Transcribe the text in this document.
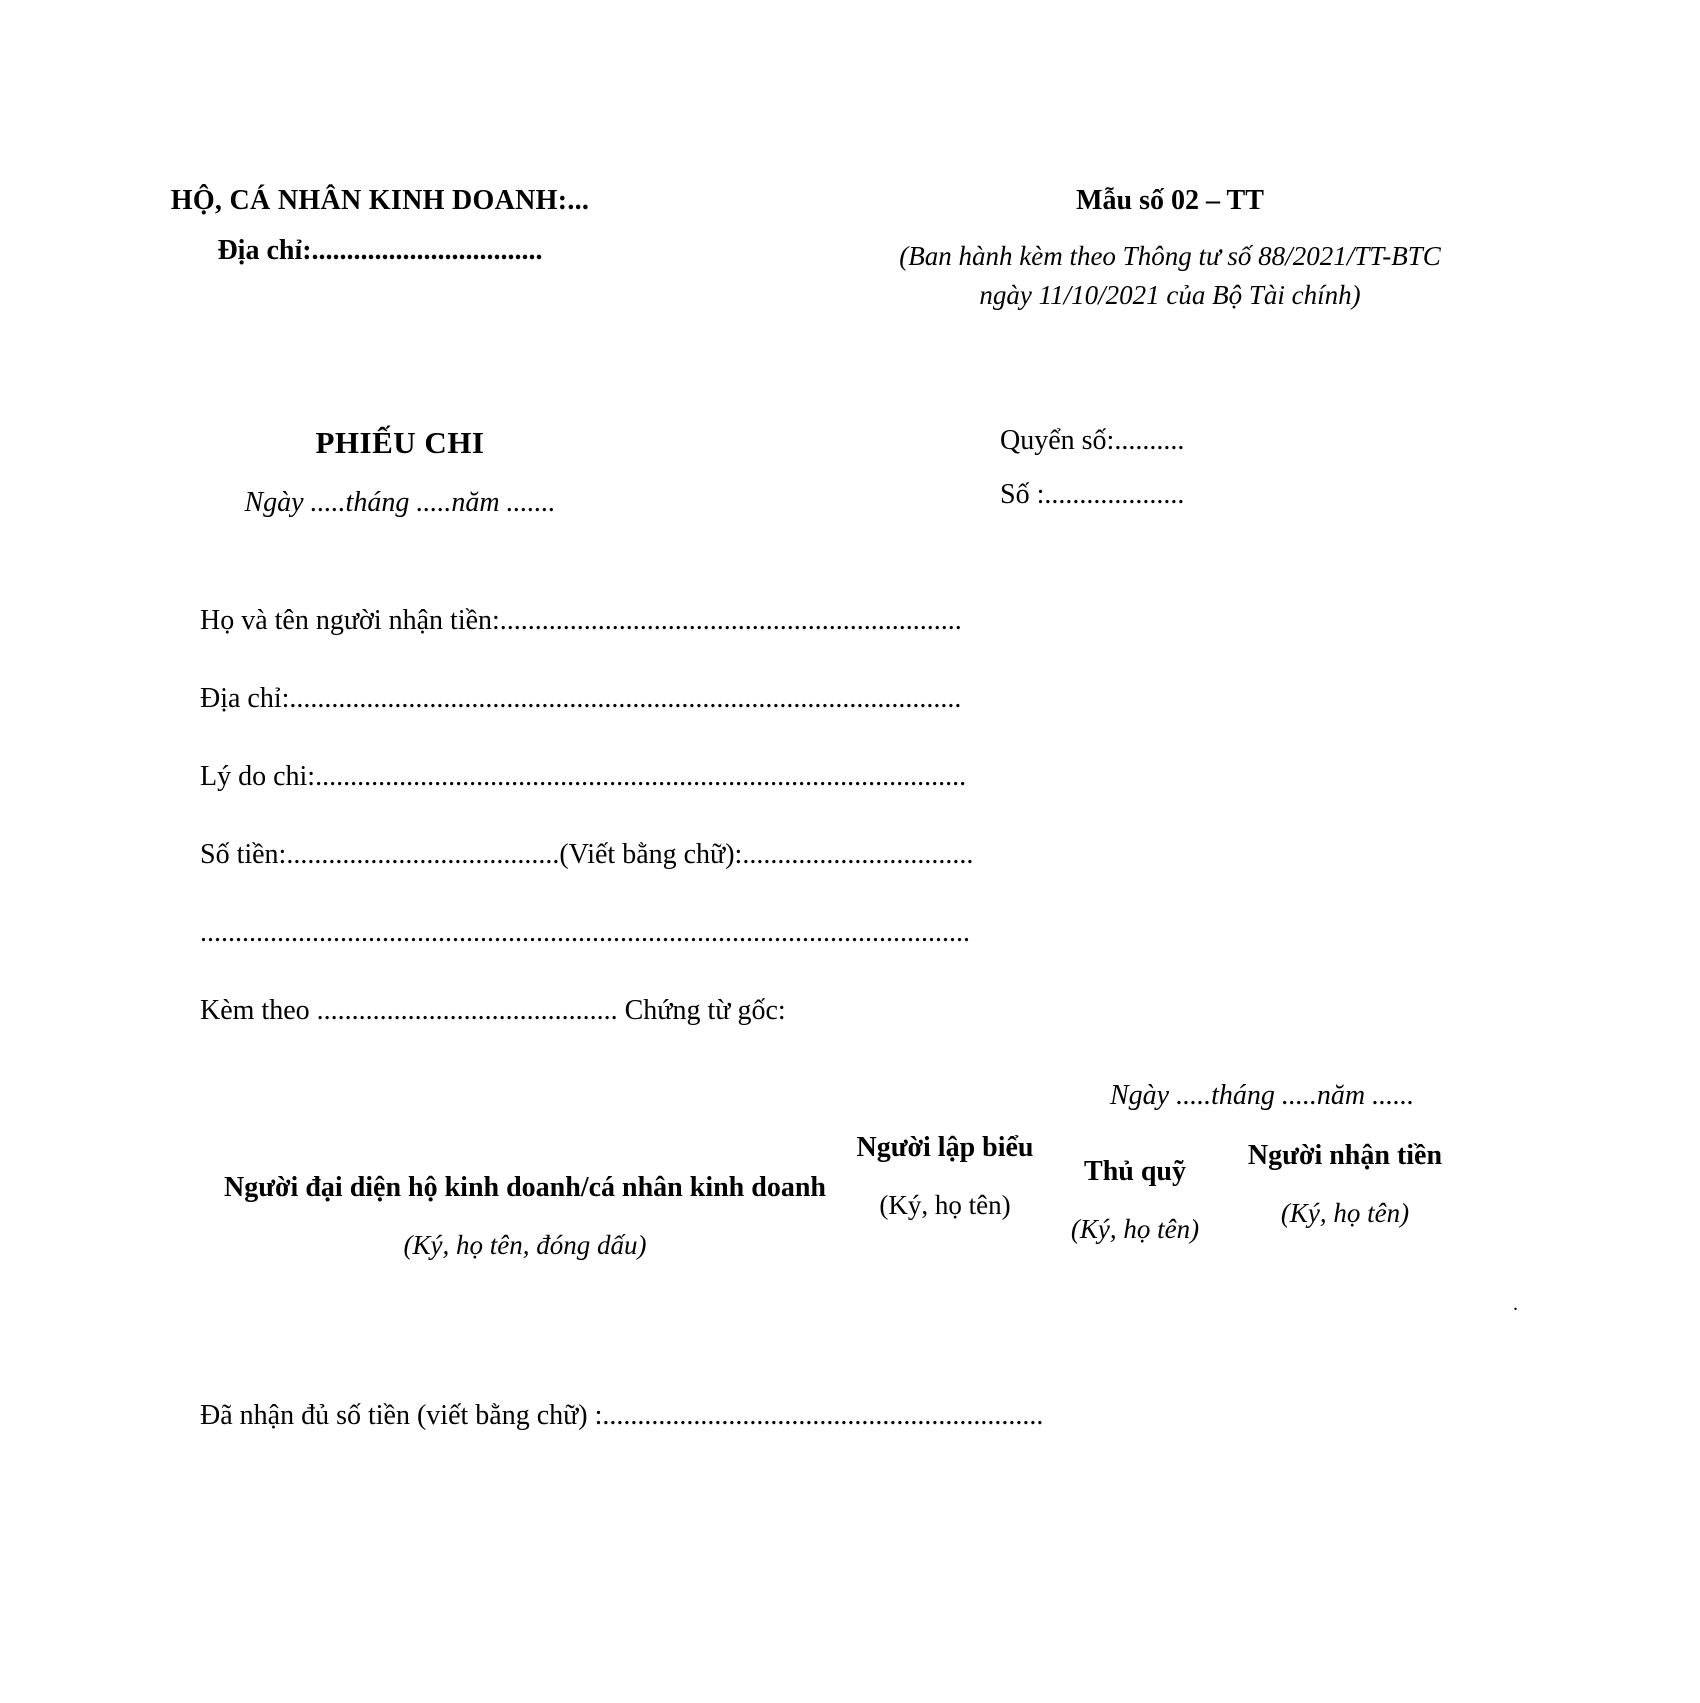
HỘ, CÁ NHÂN KINH DOANH:...
Địa chỉ:.................................
Mẫu số 02 – TT
(Ban hành kèm theo Thông tư số 88/2021/TT-BTC
ngày 11/10/2021 của Bộ Tài chính)
PHIẾU CHI
Ngày .....tháng .....năm .......
Quyển số:..........
Số :....................
Họ và tên người nhận tiền:..................................................................
Địa chỉ:................................................................................................
Lý do chi:.............................................................................................
Số tiền:.......................................(Viết bằng chữ):.................................
..............................................................................................................
Kèm theo ........................................... Chứng từ gốc:
Ngày .....tháng .....năm ......
Người đại diện hộ kinh doanh/cá nhân kinh doanh
(Ký, họ tên, đóng dấu)
Người lập biểu
(Ký, họ tên)
Thủ quỹ
(Ký, họ tên)
Người nhận tiền
(Ký, họ tên)
.
Đã nhận đủ số tiền (viết bằng chữ) :...............................................................
